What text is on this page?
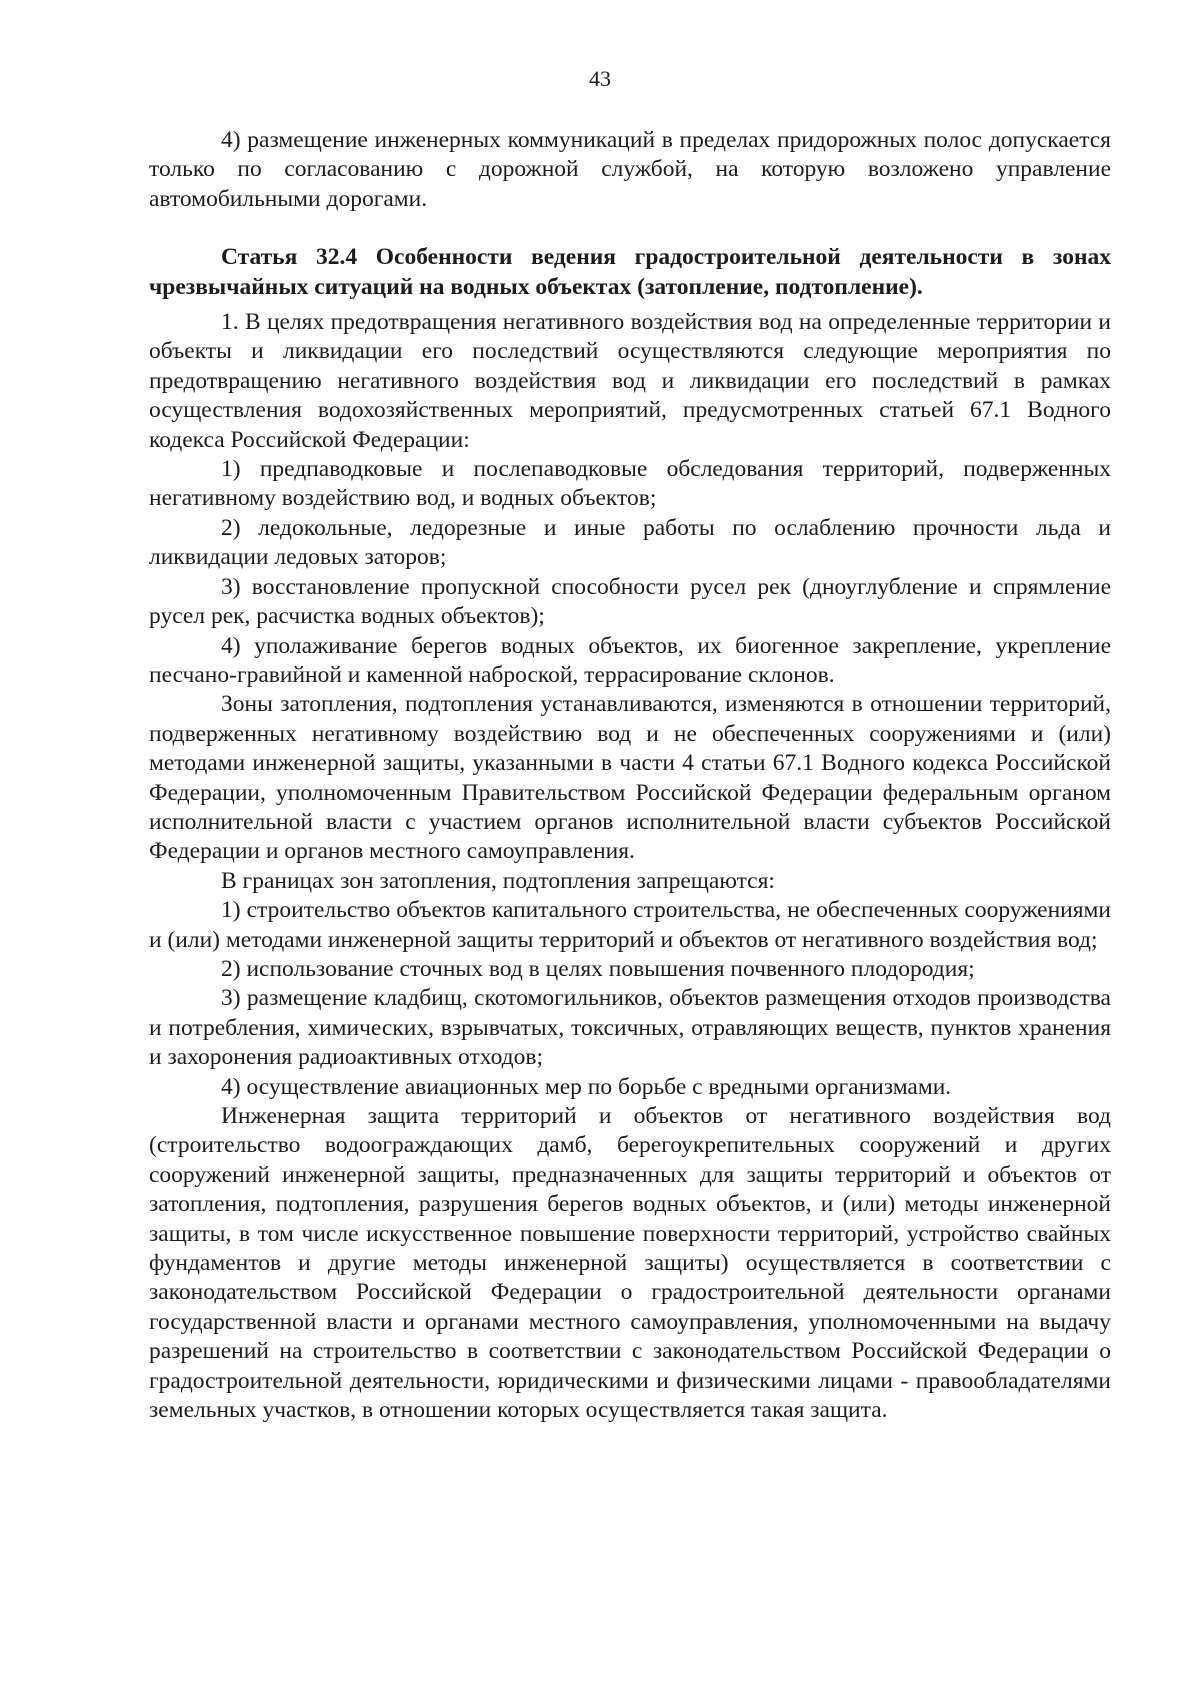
43

4) размещение инженерных коммуникаций в пределах придорожных полос допускается только по согласованию с дорожной службой, на которую возложено управление автомобильными дорогами.

Статья 32.4 Особенности ведения градостроительной деятельности в зонах чрезвычайных ситуаций на водных объектах (затопление, подтопление).

1. В целях предотвращения негативного воздействия вод на определенные территории и объекты и ликвидации его последствий осуществляются следующие мероприятия по предотвращению негативного воздействия вод и ликвидации его последствий в рамках осуществления водохозяйственных мероприятий, предусмотренных статьей 67.1 Водного кодекса Российской Федерации:

1) предпаводковые и послепаводковые обследования территорий, подверженных негативному воздействию вод, и водных объектов;

2) ледокольные, ледорезные и иные работы по ослаблению прочности льда и ликвидации ледовых заторов;

3) восстановление пропускной способности русел рек (дноуглубление и спрямление русел рек, расчистка водных объектов);

4) уполаживание берегов водных объектов, их биогенное закрепление, укрепление песчано-гравийной и каменной наброской, террасирование склонов.

Зоны затопления, подтопления устанавливаются, изменяются в отношении территорий, подверженных негативному воздействию вод и не обеспеченных сооружениями и (или) методами инженерной защиты, указанными в части 4 статьи 67.1 Водного кодекса Российской Федерации, уполномоченным Правительством Российской Федерации федеральным органом исполнительной власти с участием органов исполнительной власти субъектов Российской Федерации и органов местного самоуправления.

В границах зон затопления, подтопления запрещаются:

1) строительство объектов капитального строительства, не обеспеченных сооружениями и (или) методами инженерной защиты территорий и объектов от негативного воздействия вод;

2) использование сточных вод в целях повышения почвенного плодородия;

3) размещение кладбищ, скотомогильников, объектов размещения отходов производства и потребления, химических, взрывчатых, токсичных, отравляющих веществ, пунктов хранения и захоронения радиоактивных отходов;

4) осуществление авиационных мер по борьбе с вредными организмами.

Инженерная защита территорий и объектов от негативного воздействия вод (строительство водоограждающих дамб, берегоукрепительных сооружений и других сооружений инженерной защиты, предназначенных для защиты территорий и объектов от затопления, подтопления, разрушения берегов водных объектов, и (или) методы инженерной защиты, в том числе искусственное повышение поверхности территорий, устройство свайных фундаментов и другие методы инженерной защиты) осуществляется в соответствии с законодательством Российской Федерации о градостроительной деятельности органами государственной власти и органами местного самоуправления, уполномоченными на выдачу разрешений на строительство в соответствии с законодательством Российской Федерации о градостроительной деятельности, юридическими и физическими лицами - правообладателями земельных участков, в отношении которых осуществляется такая защита.
